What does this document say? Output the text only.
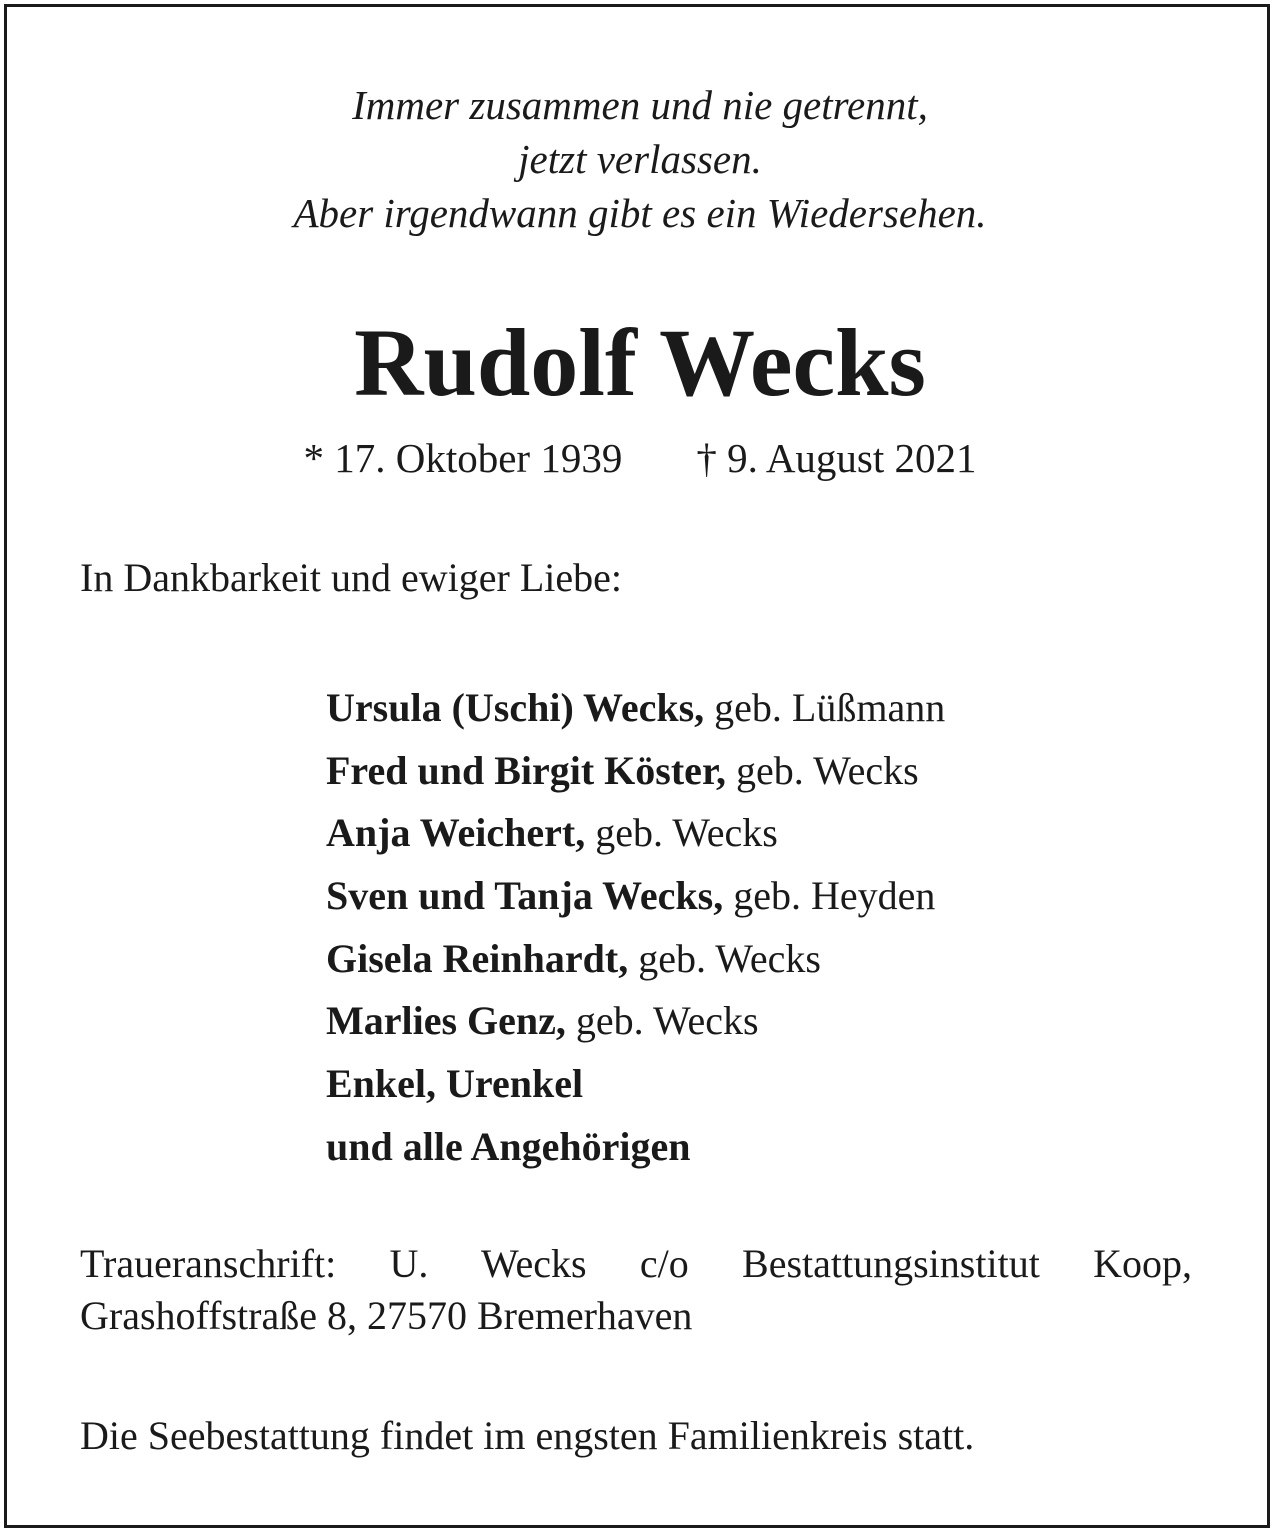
Immer zusammen und nie getrennt,
jetzt verlassen.
Aber irgendwann gibt es ein Wiedersehen.
Rudolf Wecks
* 17. Oktober 1939 † 9. August 2021
In Dankbarkeit und ewiger Liebe:
Ursula (Uschi) Wecks, geb. Lüßmann
Fred und Birgit Köster, geb. Wecks
Anja Weichert, geb. Wecks
Sven und Tanja Wecks, geb. Heyden
Gisela Reinhardt, geb. Wecks
Marlies Genz, geb. Wecks
Enkel, Urenkel
und alle Angehörigen
Traueranschrift: U. Wecks c/o Bestattungsinstitut Koop,
Grashoffstraße 8, 27570 Bremerhaven
Die Seebestattung findet im engsten Familienkreis statt.
